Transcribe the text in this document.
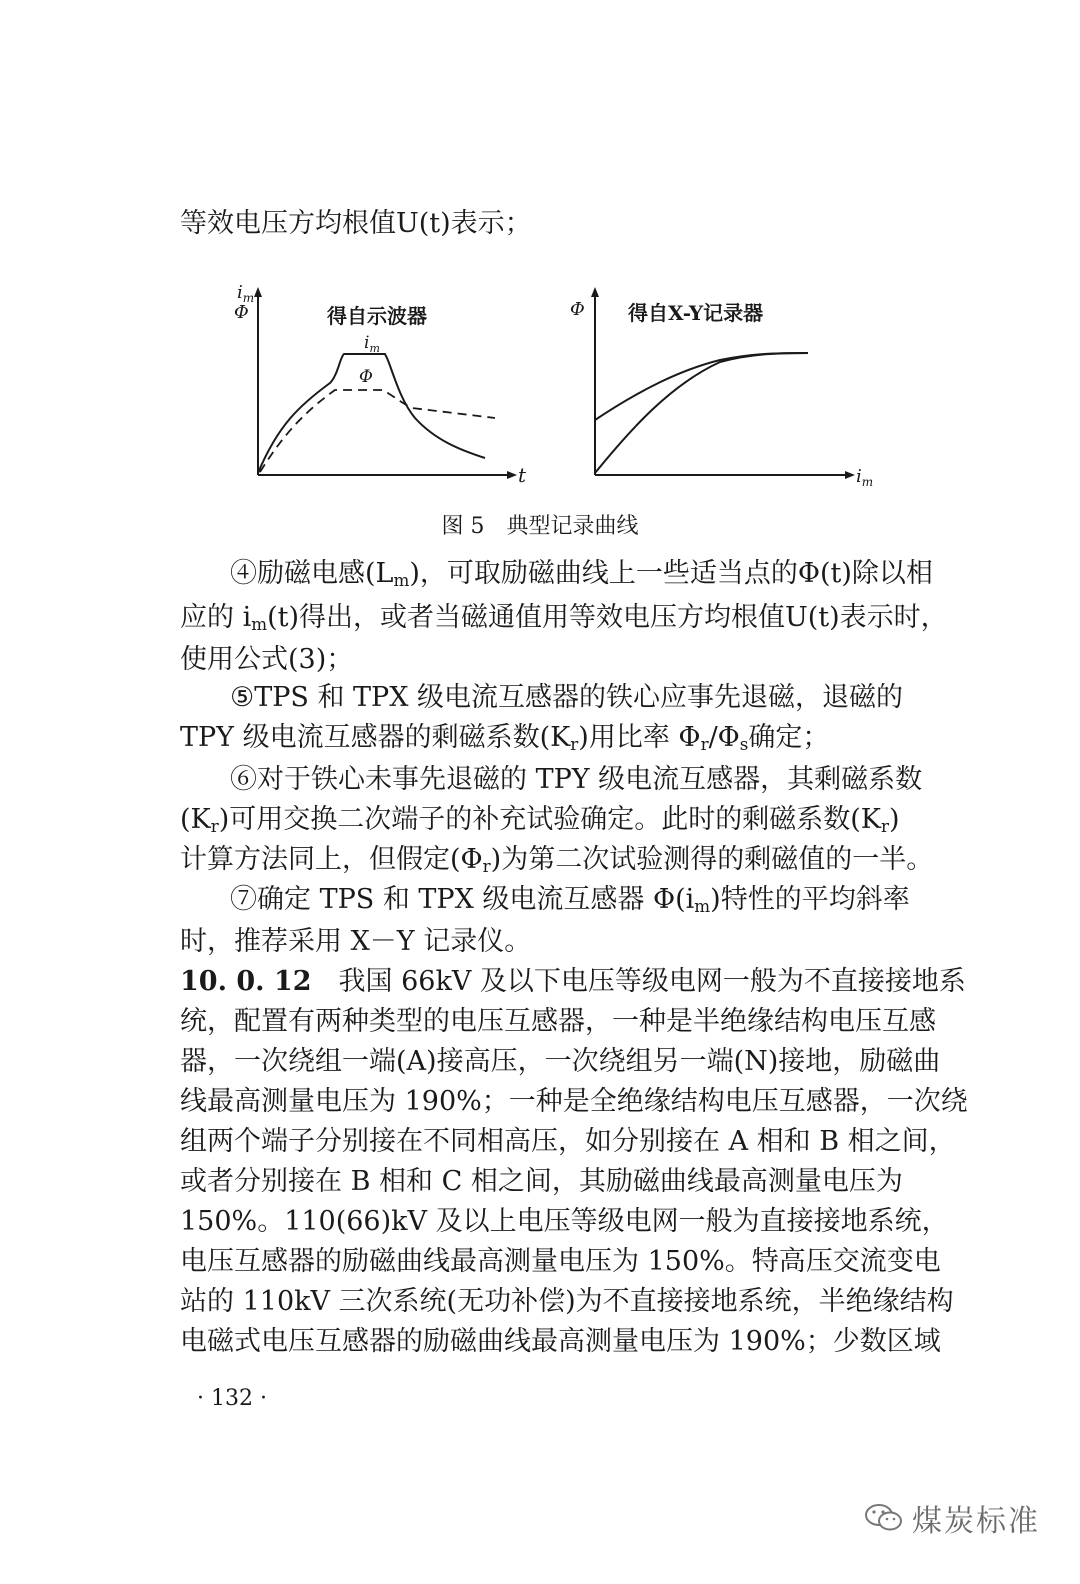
等效电压方均根值U(t)表示；
$i_m$
Φ
t
得自示波器
$i_m$
Φ
Φ
$i_m$
得自X-Y记录器
图 5　典型记录曲线
④励磁电感$(L_m)$，可取励磁曲线上一些适当点的Φ(t)除以相
应的 $i_m(t)$得出，或者当磁通值用等效电压方均根值U(t)表示时，
使用公式(3)；
⑤TPS 和 TPX 级电流互感器的铁心应事先退磁，退磁的
TPY 级电流互感器的剩磁系数$(K_r)$用比率 $\Phi_r/\Phi_s$确定；
⑥对于铁心未事先退磁的 TPY 级电流互感器，其剩磁系数
$(K_r)$可用交换二次端子的补充试验确定。此时的剩磁系数$(K_r)$
计算方法同上，但假定$(\Phi_r)$为第二次试验测得的剩磁值的一半。
⑦确定 TPS 和 TPX 级电流互感器 $\Phi(i_m)$特性的平均斜率
时，推荐采用 X－Y 记录仪。
10. 0. 12　我国 66kV 及以下电压等级电网一般为不直接接地系
统，配置有两种类型的电压互感器，一种是半绝缘结构电压互感
器，一次绕组一端(A)接高压，一次绕组另一端(N)接地，励磁曲
线最高测量电压为 190%；一种是全绝缘结构电压互感器，一次绕
组两个端子分别接在不同相高压，如分别接在 A 相和 B 相之间，
或者分别接在 B 相和 C 相之间，其励磁曲线最高测量电压为
150%。110(66)kV 及以上电压等级电网一般为直接接地系统，
电压互感器的励磁曲线最高测量电压为 150%。特高压交流变电
站的 110kV 三次系统(无功补偿)为不直接接地系统，半绝缘结构
电磁式电压互感器的励磁曲线最高测量电压为 190%；少数区域
· 132 ·
煤炭标准
